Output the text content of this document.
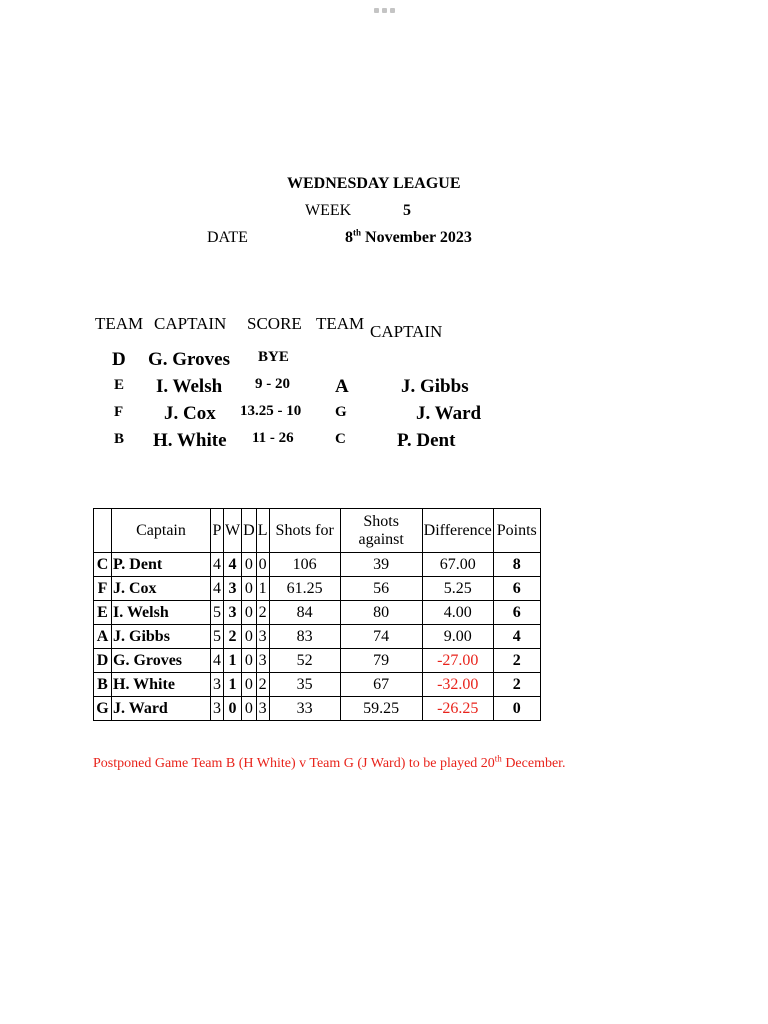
WEDNESDAY LEAGUE
WEEK	5
DATE	8th November 2023
TEAM CAPTAIN SCORE TEAM CAPTAIN
D G. Groves BYE
E I. Welsh 9 - 20 A	J. Gibbs
F J. Cox 13.25 - 10 G	J. Ward
B H. White 11 - 26	C	P. Dent
	Captain	P	W	D	L	Shots for	Shots against	Difference	Points
C	P. Dent	4	4	0	0	106	39	67.00	8
F	J. Cox	4	3	0	1	61.25	56	5.25	6
E	I. Welsh	5	3	0	2	84	80	4.00	6
A	J. Gibbs	5	2	0	3	83	74	9.00	4
D	G. Groves	4	1	0	3	52	79	-27.00	2
B	H. White	3	1	0	2	35	67	-32.00	2
G	J. Ward	3	0	0	3	33	59.25	-26.25	0
Postponed Game Team B (H White) v Team G (J Ward) to be played 20th December.
